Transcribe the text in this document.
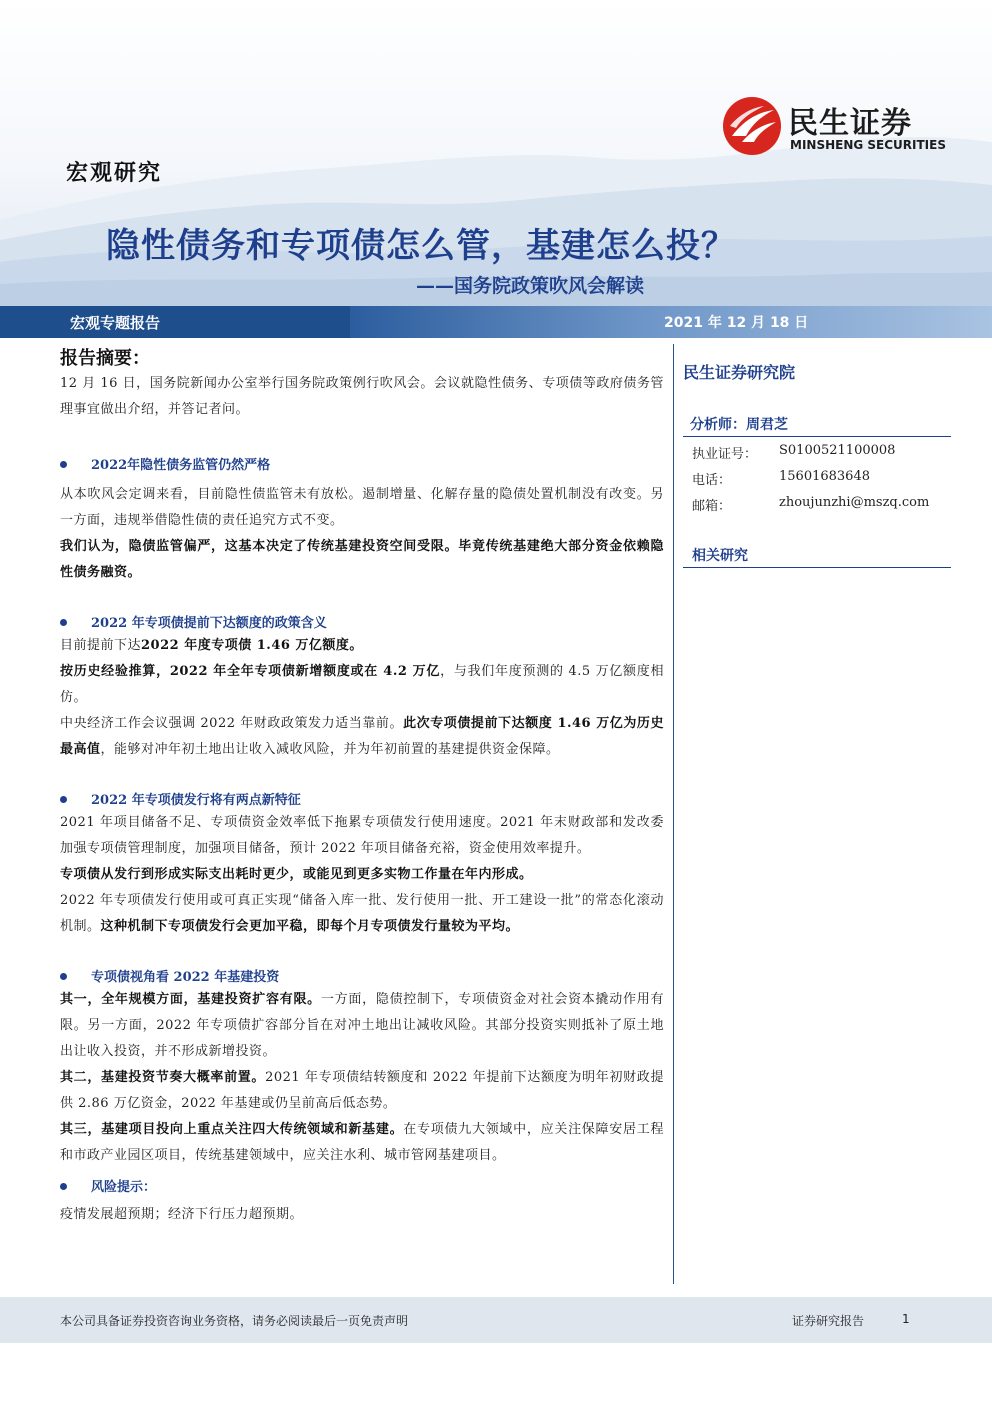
民生证券
MINSHENG SECURITIES
宏观研究
隐性债务和专项债怎么管，基建怎么投？
——国务院政策吹风会解读
宏观专题报告	2021 年 12 月 18 日
报告摘要：
12 月 16 日，国务院新闻办公室举行国务院政策例行吹风会。会议就隐性债务、专项债等政府债务管理事宜做出介绍，并答记者问。
2022年隐性债务监管仍然严格
从本吹风会定调来看，目前隐性债监管未有放松。遏制增量、化解存量的隐债处置机制没有改变。另一方面，违规举借隐性债的责任追究方式不变。
我们认为，隐债监管偏严，这基本决定了传统基建投资空间受限。毕竟传统基建绝大部分资金依赖隐性债务融资。
2022 年专项债提前下达额度的政策含义
目前提前下达2022 年度专项债 1.46 万亿额度。
按历史经验推算，2022 年全年专项债新增额度或在 4.2 万亿，与我们年度预测的 4.5 万亿额度相仿。
中央经济工作会议强调 2022 年财政政策发力适当靠前。此次专项债提前下达额度 1.46 万亿为历史最高值，能够对冲年初土地出让收入减收风险，并为年初前置的基建提供资金保障。
2022 年专项债发行将有两点新特征
2021 年项目储备不足、专项债资金效率低下拖累专项债发行使用速度。2021 年末财政部和发改委加强专项债管理制度，加强项目储备，预计 2022 年项目储备充裕，资金使用效率提升。
专项债从发行到形成实际支出耗时更少，或能见到更多实物工作量在年内形成。
2022 年专项债发行使用或可真正实现“储备入库一批、发行使用一批、开工建设一批”的常态化滚动机制。这种机制下专项债发行会更加平稳，即每个月专项债发行量较为平均。
专项债视角看 2022 年基建投资
其一，全年规模方面，基建投资扩容有限。一方面，隐债控制下，专项债资金对社会资本撬动作用有限。另一方面，2022 年专项债扩容部分旨在对冲土地出让减收风险。其部分投资实则抵补了原土地出让收入投资，并不形成新增投资。
其二，基建投资节奏大概率前置。2021 年专项债结转额度和 2022 年提前下达额度为明年初财政提供 2.86 万亿资金，2022 年基建或仍呈前高后低态势。
其三，基建项目投向上重点关注四大传统领域和新基建。在专项债九大领域中，应关注保障安居工程和市政产业园区项目，传统基建领域中，应关注水利、城市管网基建项目。
风险提示：
疫情发展超预期；经济下行压力超预期。
民生证券研究院
分析师：周君芝
执业证号： S0100521100008
电话：	15601683648
邮箱：	zhoujunzhi@mszq.com
相关研究
本公司具备证券投资咨询业务资格，请务必阅读最后一页免责声明	证券研究报告	1
